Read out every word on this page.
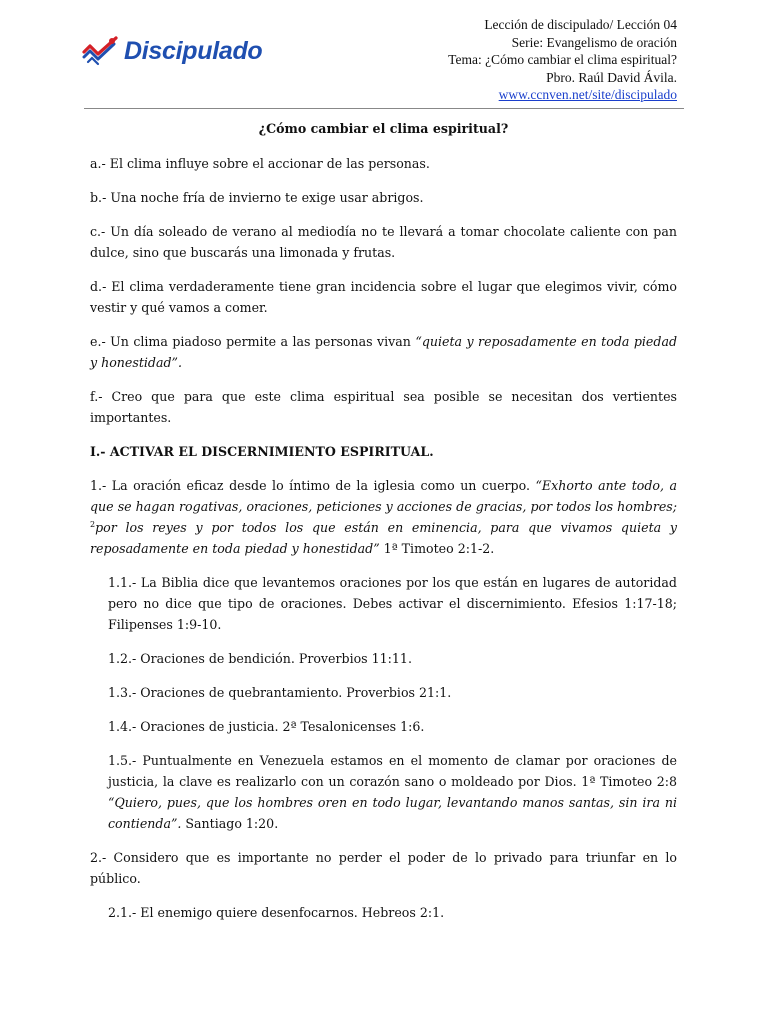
Discipulado
Lección de discipulado/ Lección 04
Serie: Evangelismo de oración
Tema: ¿Cómo cambiar el clima espiritual?
Pbro. Raúl David Ávila.
www.ccnven.net/site/discipulado

¿Cómo cambiar el clima espiritual?

a.- El clima influye sobre el accionar de las personas.

b.- Una noche fría de invierno te exige usar abrigos.

c.- Un día soleado de verano al mediodía no te llevará a tomar chocolate caliente con pan dulce, sino que buscarás una limonada y frutas.

d.- El clima verdaderamente tiene gran incidencia sobre el lugar que elegimos vivir, cómo vestir y qué vamos a comer.

e.- Un clima piadoso permite a las personas vivan “quieta y reposadamente en toda piedad y honestidad”.

f.- Creo que para que este clima espiritual sea posible se necesitan dos vertientes importantes.

I.- ACTIVAR EL DISCERNIMIENTO ESPIRITUAL.

1.- La oración eficaz desde lo íntimo de la iglesia como un cuerpo. “Exhorto ante todo, a que se hagan rogativas, oraciones, peticiones y acciones de gracias, por todos los hombres; $^2$por los reyes y por todos los que están en eminencia, para que vivamos quieta y reposadamente en toda piedad y honestidad” 1ª Timoteo 2:1-2.

1.1.- La Biblia dice que levantemos oraciones por los que están en lugares de autoridad pero no dice que tipo de oraciones. Debes activar el discernimiento. Efesios 1:17-18; Filipenses 1:9-10.

1.2.- Oraciones de bendición. Proverbios 11:11.

1.3.- Oraciones de quebrantamiento. Proverbios 21:1.

1.4.- Oraciones de justicia. 2ª Tesalonicenses 1:6.

1.5.- Puntualmente en Venezuela estamos en el momento de clamar por oraciones de justicia, la clave es realizarlo con un corazón sano o moldeado por Dios. 1ª Timoteo 2:8 “Quiero, pues, que los hombres oren en todo lugar, levantando manos santas, sin ira ni contienda”. Santiago 1:20.

2.- Considero que es importante no perder el poder de lo privado para triunfar en lo público.

2.1.- El enemigo quiere desenfocarnos. Hebreos 2:1.
